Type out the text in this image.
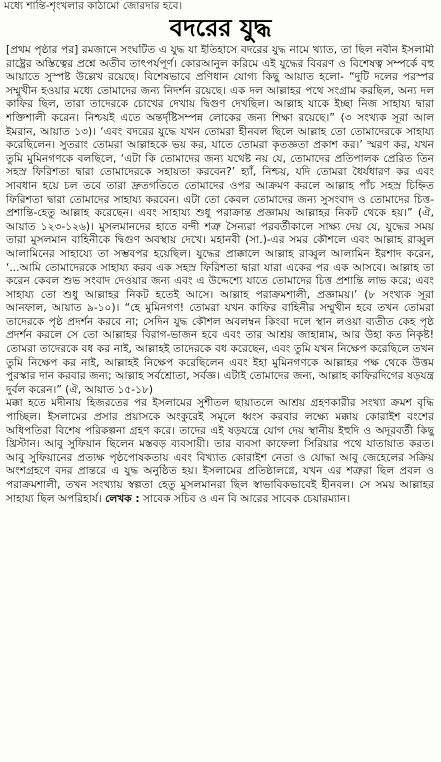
মধ্যে শান্তি-শৃংখলার কাঠামো জোরদার হবে।
বদরের যুদ্ধ

[প্রথম পৃষ্ঠার পর] রমজানে সংঘটিত এ যুদ্ধ যা ইতিহাসে বদরের যুদ্ধ নামে খ্যাত, তা ছিল নবীন ইসলামী রাষ্ট্রের অস্তিত্বের প্রশ্নে অতীব তাৎপর্যপূর্ণ। কোরআনুল করিমে এই যুদ্ধের বিবরণ ও বিশেষত্ব সম্পর্কে বহু আয়াতে সুস্পষ্ট উল্লেখ রয়েছে। বিশেষভাবে প্রণিধান যোগ্য কিছু আয়াত হলো- “দুটি দলের পরস্পর সম্মুখীন হওয়ার মধ্যে তোমাদের জন্য নিদর্শন রয়েছে। এক দল আল্লাহর পথে সংগ্রাম করছিল, অন্য দল কাফির ছিল, তারা তাদেরকে চোখের দেখায় দ্বিগুণ দেখছিল। আল্লাহ যাকে ইচ্ছা নিজ সাহায্য দ্বারা শক্তিশালী করেন। নিশ্চয়ই এতে অন্তর্দৃষ্টিসম্পন্ন লোকের জন্য শিক্ষা রয়েছে।” (৩ সংখ্যক সূরা আল ইমরান, আয়াত ১৩)। ‘এবং বদরের যুদ্ধে যখন তোমরা হীনবল ছিলে আল্লাহ তো তোমাদেরকে সাহায্য করেছিলেন। সুতরাং তোমরা আল্লাহকে ভয় কর, যাতে তোমরা কৃতজ্ঞতা প্রকাশ কর।’ স্মরণ কর, যখন তুমি মুমিনগণকে বলছিলে, ‘এটা কি তোমাদের জন্য যথেষ্ট নয় যে, তোমাদের প্রতিপালক প্রেরিত তিন সহস্র ফিরিশতা দ্বারা তোমাদেরকে সহায়তা করবেন?’ হ্যাঁ, নিশ্চয়, যদি তোমরা ধৈর্যধারণ কর এবং সাবধান হয়ে চল তবে তারা দ্রুতগতিতে তোমাদের ওপর আক্রমণ করলে আল্লাহ পাঁচ সহস্র চিহ্নিত ফিরিশতা দ্বারা তোমাদের সাহায্য করবেন। এটা তো কেবল তোমাদের জন্য সুসংবাদ ও তোমাদের চিত্ত-প্রশান্তি-হেতু আল্লাহ করেছেন। এবং সাহায্য শুধু পরাক্রান্ত প্রজ্ঞাময় আল্লাহর নিকট থেকে হয়।” (ঐ, আয়াত ১২৩-১২৬)। মুসলমানদের হাতে বন্দী শত্রু সৈন্যরা পরবর্তীকালে সাক্ষ্য দেয় যে, যুদ্ধের সময় তারা মুসলমান বাহিনীকে দ্বিগুণ অবস্থায় দেখে। মহানবী (সা.)-এর সমর কৌশলে এবং আল্লাহ রাব্বুল আলামিনের সাহায্যে তা সম্ভবপর হয়েছিল। যুদ্ধের প্রাক্কালে আল্লাহ রাব্বুল আলামিন ইরশাদ করেন, ‘...আমি তোমাদেরকে সাহায্য করব এক সহস্র ফিরিশতা দ্বারা যারা একের পর এক আসবে। আল্লাহ তা করেন কেবল শুভ সংবাদ দেওয়ার জন্য এবং এ উদ্দেশ্যে যাতে তোমাদের চিত্ত প্রশান্তি লাভ করে; এবং সাহায্য তো শুধু আল্লাহর নিকট হতেই আসে। আল্লাহ পরাক্রমশালী, প্রজ্ঞাময়।’ (৮ সংখ্যক সূরা আনফাল, আয়াত ৯-১০)। “হে মুমিনগণ! তোমরা যখন কাফির বাহিনীর সম্মুখীন হবে তখন তোমরা তাদেরকে পৃষ্ঠ প্রদর্শন করবে না; সেদিন যুদ্ধ কৌশল অবলম্বন কিংবা দলে স্থান লওয়া ব্যতীত কেহ পৃষ্ঠ প্রদর্শন করলে সে তো আল্লাহর বিরাগ-ভাজন হবে এবং তার আশ্রয় জাহান্নাম, আর উহা কত নিকৃষ্ট! তোমরা তাদেরকে বধ কর নাই, আল্লাহই তাদেরকে বধ করেছেন, এবং তুমি যখন নিক্ষেপ করেছিলে তখন তুমি নিক্ষেপ কর নাই, আল্লাহই নিক্ষেপ করেছিলেন এবং ইহা মুমিনগণকে আল্লাহর পক্ষ থেকে উত্তম পুরস্কার দান করবার জন্য; আল্লাহ সর্বশ্রোতা, সর্বজ্ঞ। এটাই তোমাদের জন্য, আল্লাহ কাফিরদিগের ষড়যন্ত্র দুর্বল করেন।” (ঐ, আয়াত ১৫-১৮)

মক্কা হতে মদীনায় হিজরতের পর ইসলামের সুশীতল ছায়াতলে আশ্রয় গ্রহণকারীর সংখ্যা ক্রমশ বৃদ্ধি পাচ্ছিল। ইসলামের প্রসার প্রয়াসকে অংকুরেই সমূলে ধ্বংস করবার লক্ষ্যে মক্কায় কোরাইশ বংশের অধিপতিরা বিশেষ পরিকল্পনা গ্রহণ করে। তাদের এই ষড়যন্ত্রে যোগ দেয় স্থানীয় ইহুদি ও অদূরবর্তী কিছু খ্রিস্টান। আবু সুফিয়ান ছিলেন মস্তবড় ব্যবসায়ী। তার ব্যবসা কাফেলা সিরিয়ার পথে যাতায়াত করত। আবু সুফিয়ানের প্রত্যক্ষ পৃষ্ঠপোষকতায় এবং বিখ্যাত কোরাইশ নেতা ও যোদ্ধা আবু জেহেলের সক্রিয় অংশগ্রহণে বদর প্রান্তরে এ যুদ্ধ অনুষ্ঠিত হয়। ইসলামের প্রতিষ্ঠালগ্নে, যখন এর শত্রুরা ছিল প্রবল ও পরাক্রমশালী, তখন সংখ্যায় স্বল্পতা হেতু মুসলমানরা ছিল স্বাভাবিকভাবেই হীনবল। সে সময় আল্লাহর সাহায্য ছিল অপরিহার্য। লেখক : সাবেক সচিব ও এন বি আরের সাবেক চেয়ারম্যান।
